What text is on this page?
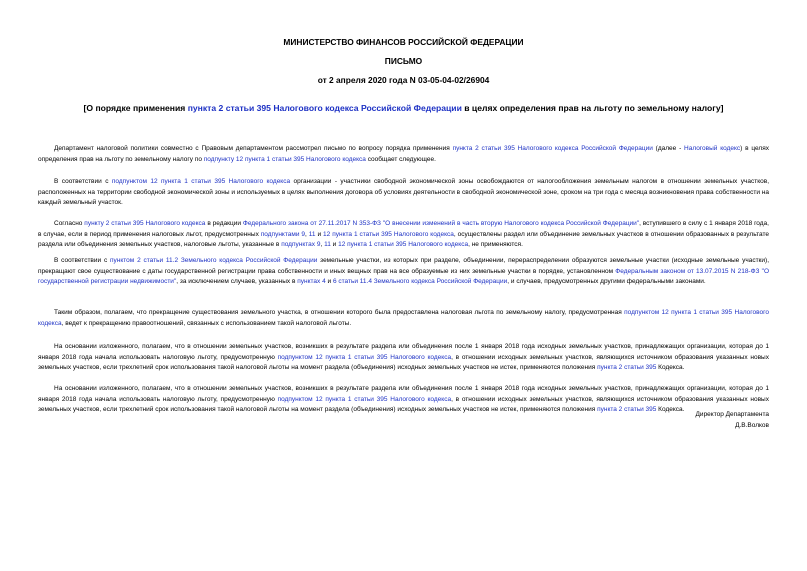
МИНИСТЕРСТВО ФИНАНСОВ РОССИЙСКОЙ ФЕДЕРАЦИИ
ПИСЬМО
от 2 апреля 2020 года N 03-05-04-02/26904
[О порядке применения пункта 2 статьи 395 Налогового кодекса Российской Федерации в целях определения прав на льготу по земельному налогу]
Департамент налоговой политики совместно с Правовым департаментом рассмотрел письмо по вопросу порядка применения пункта 2 статьи 395 Налогового кодекса Российской Федерации (далее - Налоговый кодекс) в целях определения прав на льготу по земельному налогу по подпункту 12 пункта 1 статьи 395 Налогового кодекса сообщает следующее.
В соответствии с подпунктом 12 пункта 1 статьи 395 Налогового кодекса организации - участники свободной экономической зоны освобождаются от налогообложения земельным налогом в отношении земельных участков, расположенных на территории свободной экономической зоны и используемых в целях выполнения договора об условиях деятельности в свободной экономической зоне, сроком на три года с месяца возникновения права собственности на каждый земельный участок.
Согласно пункту 2 статьи 395 Налогового кодекса в редакции Федерального закона от 27.11.2017 N 353-ФЗ "О внесении изменений в часть вторую Налогового кодекса Российской Федерации", вступившего в силу с 1 января 2018 года, в случае, если в период применения налоговых льгот, предусмотренных подпунктами 9, 11 и 12 пункта 1 статьи 395 Налогового кодекса, осуществлены раздел или объединение земельных участков в отношении образованных в результате раздела или объединения земельных участков, налоговые льготы, указанные в подпунктах 9, 11 и 12 пункта 1 статьи 395 Налогового кодекса, не применяются.
В соответствии с пунктом 2 статьи 11.2 Земельного кодекса Российской Федерации земельные участки, из которых при разделе, объединении, перераспределении образуются земельные участки (исходные земельные участки), прекращают свое существование с даты государственной регистрации права собственности и иных вещных прав на все образуемые из них земельные участки в порядке, установленном Федеральным законом от 13.07.2015 N 218-ФЗ "О государственной регистрации недвижимости", за исключением случаев, указанных в пунктах 4 и 6 статьи 11.4 Земельного кодекса Российской Федерации, и случаев, предусмотренных другими федеральными законами.
Таким образом, полагаем, что прекращение существования земельного участка, в отношении которого была предоставлена налоговая льгота по земельному налогу, предусмотренная подпунктом 12 пункта 1 статьи 395 Налогового кодекса, ведет к прекращению правоотношений, связанных с использованием такой налоговой льготы.
На основании изложенного, полагаем, что в отношении земельных участков, возникших в результате раздела или объединения после 1 января 2018 года исходных земельных участков, принадлежащих организации, которая до 1 января 2018 года начала использовать налоговую льготу, предусмотренную подпунктом 12 пункта 1 статьи 395 Налогового кодекса, в отношении исходных земельных участков, являющихся источником образования указанных новых земельных участков, если трехлетний срок использования такой налоговой льготы на момент раздела (объединения) исходных земельных участков не истек, применяются положения пункта 2 статьи 395 Кодекса.
На основании изложенного, полагаем, что в отношении земельных участков, возникших в результате раздела или объединения после 1 января 2018 года исходных земельных участков, принадлежащих организации, которая до 1 января 2018 года начала использовать налоговую льготу, предусмотренную подпунктом 12 пункта 1 статьи 395 Налогового кодекса, в отношении исходных земельных участков, являющихся источником образования указанных новых земельных участков, если трехлетний срок использования такой налоговой льготы на момент раздела (объединения) исходных земельных участков не истек, применяются положения пункта 2 статьи 395 Кодекса.
Директор Департамента
Д.В.Волков
